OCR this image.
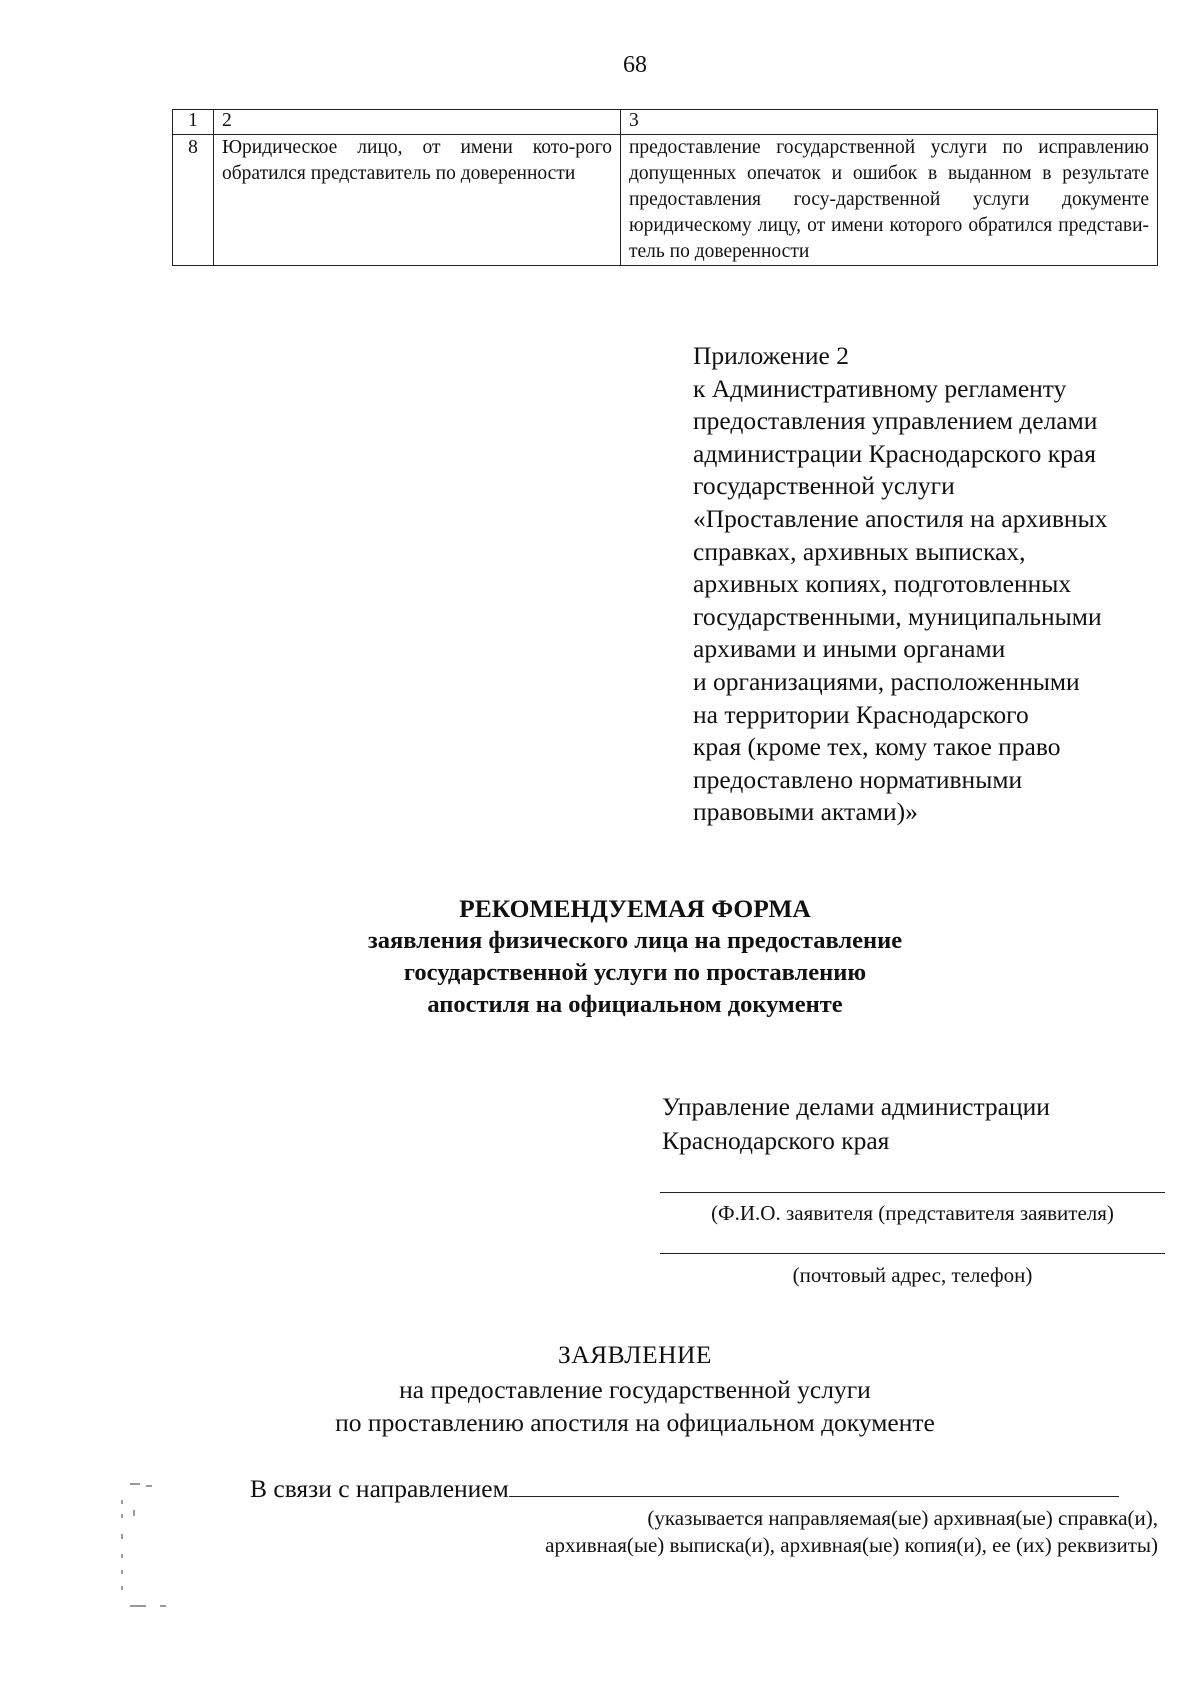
68
1	2	3
8	Юридическое лицо, от имени кото-рого обратился представитель по доверенности	предоставление государственной услуги по исправлению допущенных опечаток и ошибок в выданном в результате предоставления госу-дарственной услуги документе юридическому лицу, от имени которого обратился представи-тель по доверенности
Приложение 2
к Административному регламенту
предоставления управлением делами
администрации Краснодарского края
государственной услуги
«Проставление апостиля на архивных
справках, архивных выписках,
архивных копиях, подготовленных
государственными, муниципальными
архивами и иными органами
и организациями, расположенными
на территории Краснодарского
края (кроме тех, кому такое право
предоставлено нормативными
правовыми актами)»
РЕКОМЕНДУЕМАЯ ФОРМА
заявления физического лица на предоставление
государственной услуги по проставлению
апостиля на официальном документе
Управление делами администрации
Краснодарского края
(Ф.И.О. заявителя (представителя заявителя)
(почтовый адрес, телефон)
ЗАЯВЛЕНИЕ
на предоставление государственной услуги
по проставлению апостиля на официальном документе
В связи с направлением
(указывается направляемая(ые) архивная(ые) справка(и),
архивная(ые) выписка(и), архивная(ые) копия(и), ее (их) реквизиты)
